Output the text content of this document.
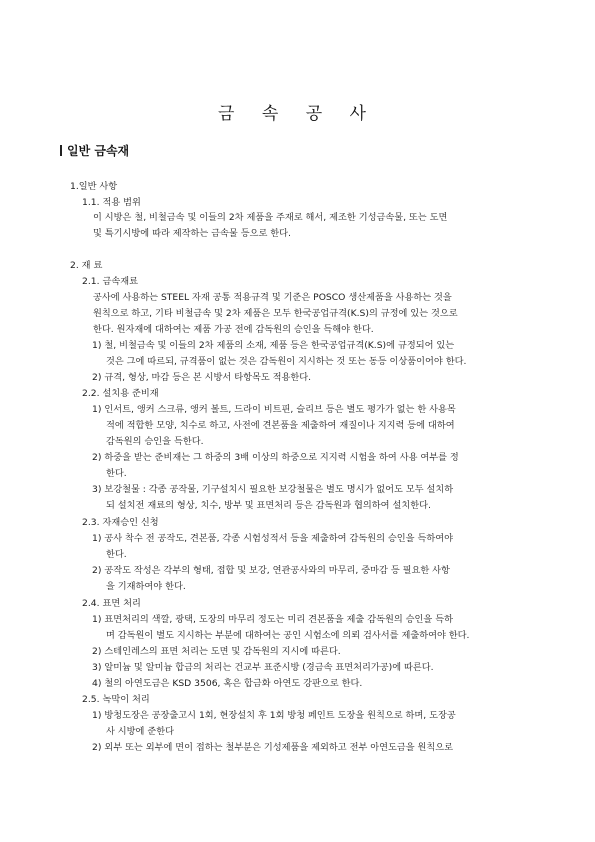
금 속 공 사
일반 금속재
1.일반 사항
1.1. 적용 범위
이 시방은 철, 비철금속 및 이들의 2차 제품을 주재로 해서, 제조한 기성금속물, 또는 도면
및 특기시방에 따라 제작하는 금속물 등으로 한다.
2. 재 료
2.1. 금속재료
공사에 사용하는 STEEL 자재 공통 적용규격 및 기준은 POSCO 생산제품을 사용하는 것을
원칙으로 하고, 기타 비철금속 및 2차 제품은 모두 한국공업규격(K.S)의 규정에 있는 것으로
한다. 원자재에 대하여는 제품 가공 전에 감독원의 승인을 득해야 한다.
1) 철, 비철금속 및 이들의 2차 제품의 소재, 제품 등은 한국공업규격(K.S)에 규정되어 있는
것은 그에 따르되, 규격품이 없는 것은 감독원이 지시하는 것 또는 동등 이상품이어야 한다.
2) 규격, 형상, 마감 등은 본 시방서 타항목도 적용한다.
2.2. 설치용 준비재
1) 인서트, 앵커 스크류, 앵커 볼트, 드라이 비트핀, 슬리브 등은 별도 평가가 없는 한 사용목
적에 적합한 모양, 치수로 하고, 사전에 견본품을 제출하여 재질이나 지지력 등에 대하여
감독원의 승인을 득한다.
2) 하중을 받는 준비재는 그 하중의 3배 이상의 하중으로 지지력 시험을 하여 사용 여부를 정
한다.
3) 보강철물 : 각종 공작물, 기구설치시 필요한 보강철물은 별도 명시가 없어도 모두 설치하
되 설치전 재료의 형상, 치수, 방부 및 표면처리 등은 감독원과 협의하여 설치한다.
2.3. 자재승인 신청
1) 공사 착수 전 공작도, 견본품, 각종 시험성적서 등을 제출하여 감독원의 승인을 득하여야
한다.
2) 공작도 작성은 각부의 형태, 접합 및 보강, 연관공사와의 마무리, 중마감 등 필요한 사항
을 기재하여야 한다.
2.4. 표면 처리
1) 표면처리의 색깔, 광택, 도장의 마무리 정도는 미리 견본품을 제출 감독원의 승인을 득하
며 감독원이 별도 지시하는 부분에 대하여는 공인 시험소에 의뢰 검사서를 제출하여야 한다.
2) 스테인레스의 표면 처리는 도면 및 감독원의 지시에 따른다.
3) 알미늄 및 알미늄 합금의 처리는 건교부 표준시방 (경금속 표면처리가공)에 따른다.
4) 철의 아연도금은 KSD 3506, 혹은 합금화 아연도 강판으로 한다.
2.5. 녹막이 처리
1) 방청도장은 공장출고시 1회, 현장설치 후 1회 방청 페인트 도장을 원칙으로 하며, 도장공
사 시방에 준한다
2) 외부 또는 외부에 면이 접하는 철부분은 기성제품을 제외하고 전부 아연도금을 원칙으로
